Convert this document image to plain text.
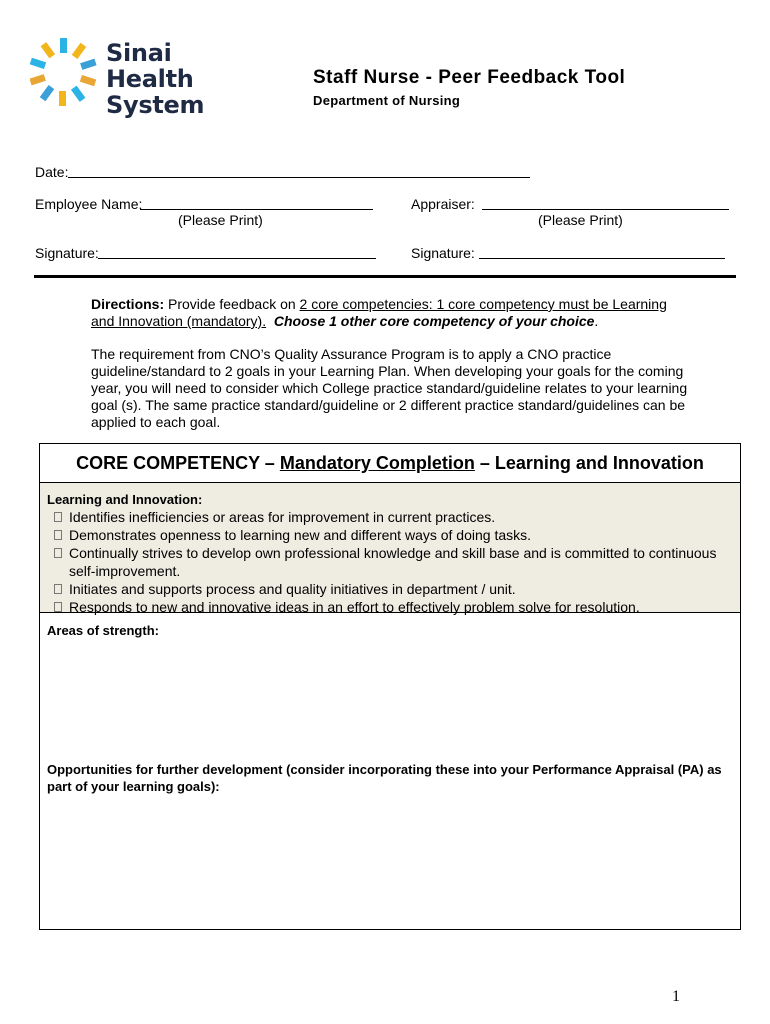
Sinai
Health
System
Staff Nurse - Peer Feedback Tool
Department of Nursing
Date:
Employee Name:
(Please Print)
Appraiser:
(Please Print)
Signature:	Signature:
Directions: Provide feedback on 2 core competencies: 1 core competency must be Learning and Innovation (mandatory). Choose 1 other core competency of your choice.
The requirement from CNO’s Quality Assurance Program is to apply a CNO practice guideline/standard to 2 goals in your Learning Plan. When developing your goals for the coming year, you will need to consider which College practice standard/guideline relates to your learning goal (s). The same practice standard/guideline or 2 different practice standard/guidelines can be applied to each goal.
CORE COMPETENCY – Mandatory Completion – Learning and Innovation
Learning and Innovation:
Identifies inefficiencies or areas for improvement in current practices.
Demonstrates openness to learning new and different ways of doing tasks.
Continually strives to develop own professional knowledge and skill base and is committed to continuous self-improvement.
Initiates and supports process and quality initiatives in department / unit.
Responds to new and innovative ideas in an effort to effectively problem solve for resolution.
Areas of strength:
Opportunities for further development (consider incorporating these into your Performance Appraisal (PA) as part of your learning goals):
1
